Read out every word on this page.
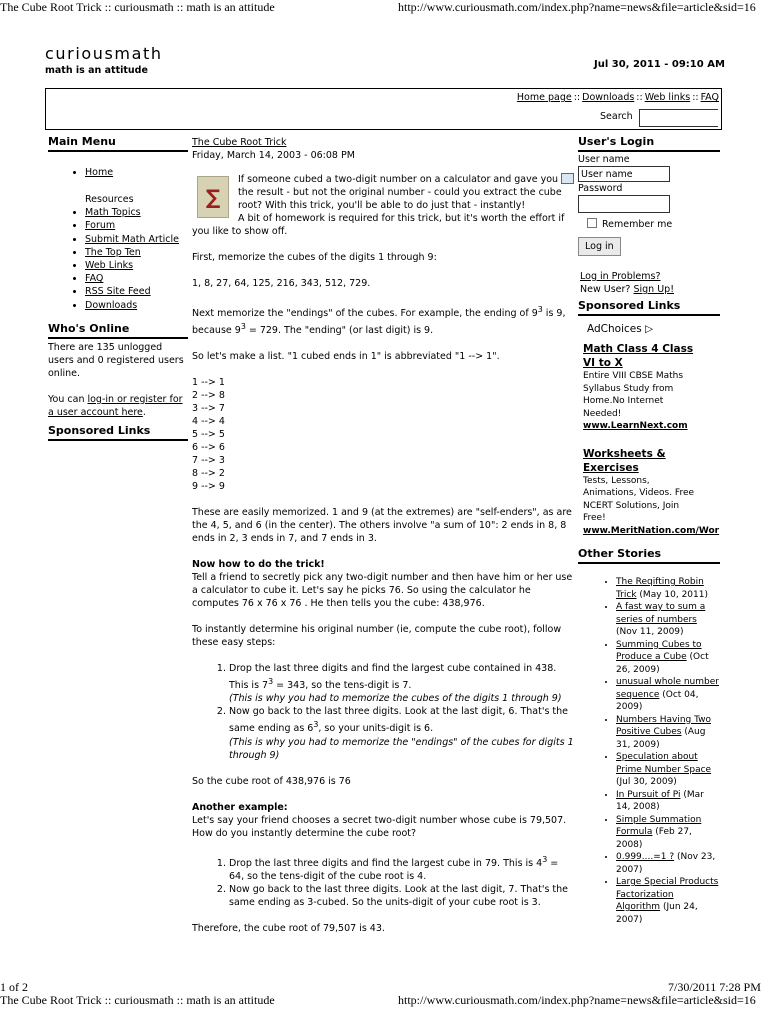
The Cube Root Trick :: curiousmath :: math is an attitude	http://www.curiousmath.com/index.php?name=news&file=article&sid=16
curiousmath
math is an attitude
Jul 30, 2011 - 09:10 AM
Home page :: Downloads :: Web links :: FAQ
Search
Main Menu
• Home
Resources
• Math Topics
• Forum
• Submit Math Article
• The Top Ten
• Web Links
• FAQ
• RSS Site Feed
• Downloads
Who's Online
There are 135 unlogged users and 0 registered users online.
You can log-in or register for a user account here.
Sponsored Links
The Cube Root Trick
Friday, March 14, 2003 - 06:08 PM
∑

If someone cubed a two-digit number on a calculator and gave you the result - but not the original number - could you extract the cube root? With this trick, you'll be able to do just that - instantly!

A bit of homework is required for this trick, but it's worth the effort if you like to show off.

First, memorize the cubes of the digits 1 through 9:

1, 8, 27, 64, 125, 216, 343, 512, 729.

Next memorize the "endings" of the cubes. For example, the ending of $9^3$ is 9, because $9^3 = 729$. The "ending" (or last digit) is 9.

So let's make a list. "1 cubed ends in 1" is abbreviated "1 --> 1".

1 --> 1
2 --> 8
3 --> 7
4 --> 4
5 --> 5
6 --> 6
7 --> 3
8 --> 2
9 --> 9

These are easily memorized. 1 and 9 (at the extremes) are "self-enders", as are the 4, 5, and 6 (in the center). The others involve "a sum of 10": 2 ends in 8, 8 ends in 2, 3 ends in 7, and 7 ends in 3.

Now how to do the trick!

Tell a friend to secretly pick any two-digit number and then have him or her use a calculator to cube it. Let's say he picks 76. So using the calculator he computes 76 x 76 x 76 . He then tells you the cube: 438,976.

To instantly determine his original number (ie, compute the cube root), follow these easy steps:

1. Drop the last three digits and find the largest cube contained in 438. This is $7^3 = 343$, so the tens-digit is 7.
(This is why you had to memorize the cubes of the digits 1 through 9)
2. Now go back to the last three digits. Look at the last digit, 6. That's the same ending as $6^3$, so your units-digit is 6.
(This is why you had to memorize the "endings" of the cubes for digits 1 through 9)

So the cube root of 438,976 is 76

Another example:

Let's say your friend chooses a secret two-digit number whose cube is 79,507. How do you instantly determine the cube root?

1. Drop the last three digits and find the largest cube in 79. This is $4^3 = 64$, so the tens-digit of the cube root is 4.
2. Now go back to the last three digits. Look at the last digit, 7. That's the same ending as 3-cubed. So the units-digit of your cube root is 3.

Therefore, the cube root of 79,507 is 43.

User's Login
User name
User name
Password
Remember me
Log in
Log in Problems?
New User? Sign Up!
Sponsored Links
AdChoices ▷
Math Class 4 Class VI to X
Entire VIII CBSE Maths Syllabus Study from Home.No Internet Needed!
www.LearnNext.com
Worksheets & Exercises
Tests, Lessons, Animations, Videos. Free NCERT Solutions, Join Free!
www.MeritNation.com/Wor
Other Stories
• The Reqifting Robin Trick (May 10, 2011)
• A fast way to sum a series of numbers (Nov 11, 2009)
• Summing Cubes to Produce a Cube (Oct 26, 2009)
• unusual whole number sequence (Oct 04, 2009)
• Numbers Having Two Positive Cubes (Aug 31, 2009)
• Speculation about Prime Number Space (Jul 30, 2009)
• In Pursuit of Pi (Mar 14, 2008)
• Simple Summation Formula (Feb 27, 2008)
• 0.999....=1 ? (Nov 23, 2007)
• Large Special Products Factorization Algorithm (Jun 24, 2007)
1 of 2	7/30/2011 7:28 PM
The Cube Root Trick :: curiousmath :: math is an attitude	http://www.curiousmath.com/index.php?name=news&file=article&sid=16
